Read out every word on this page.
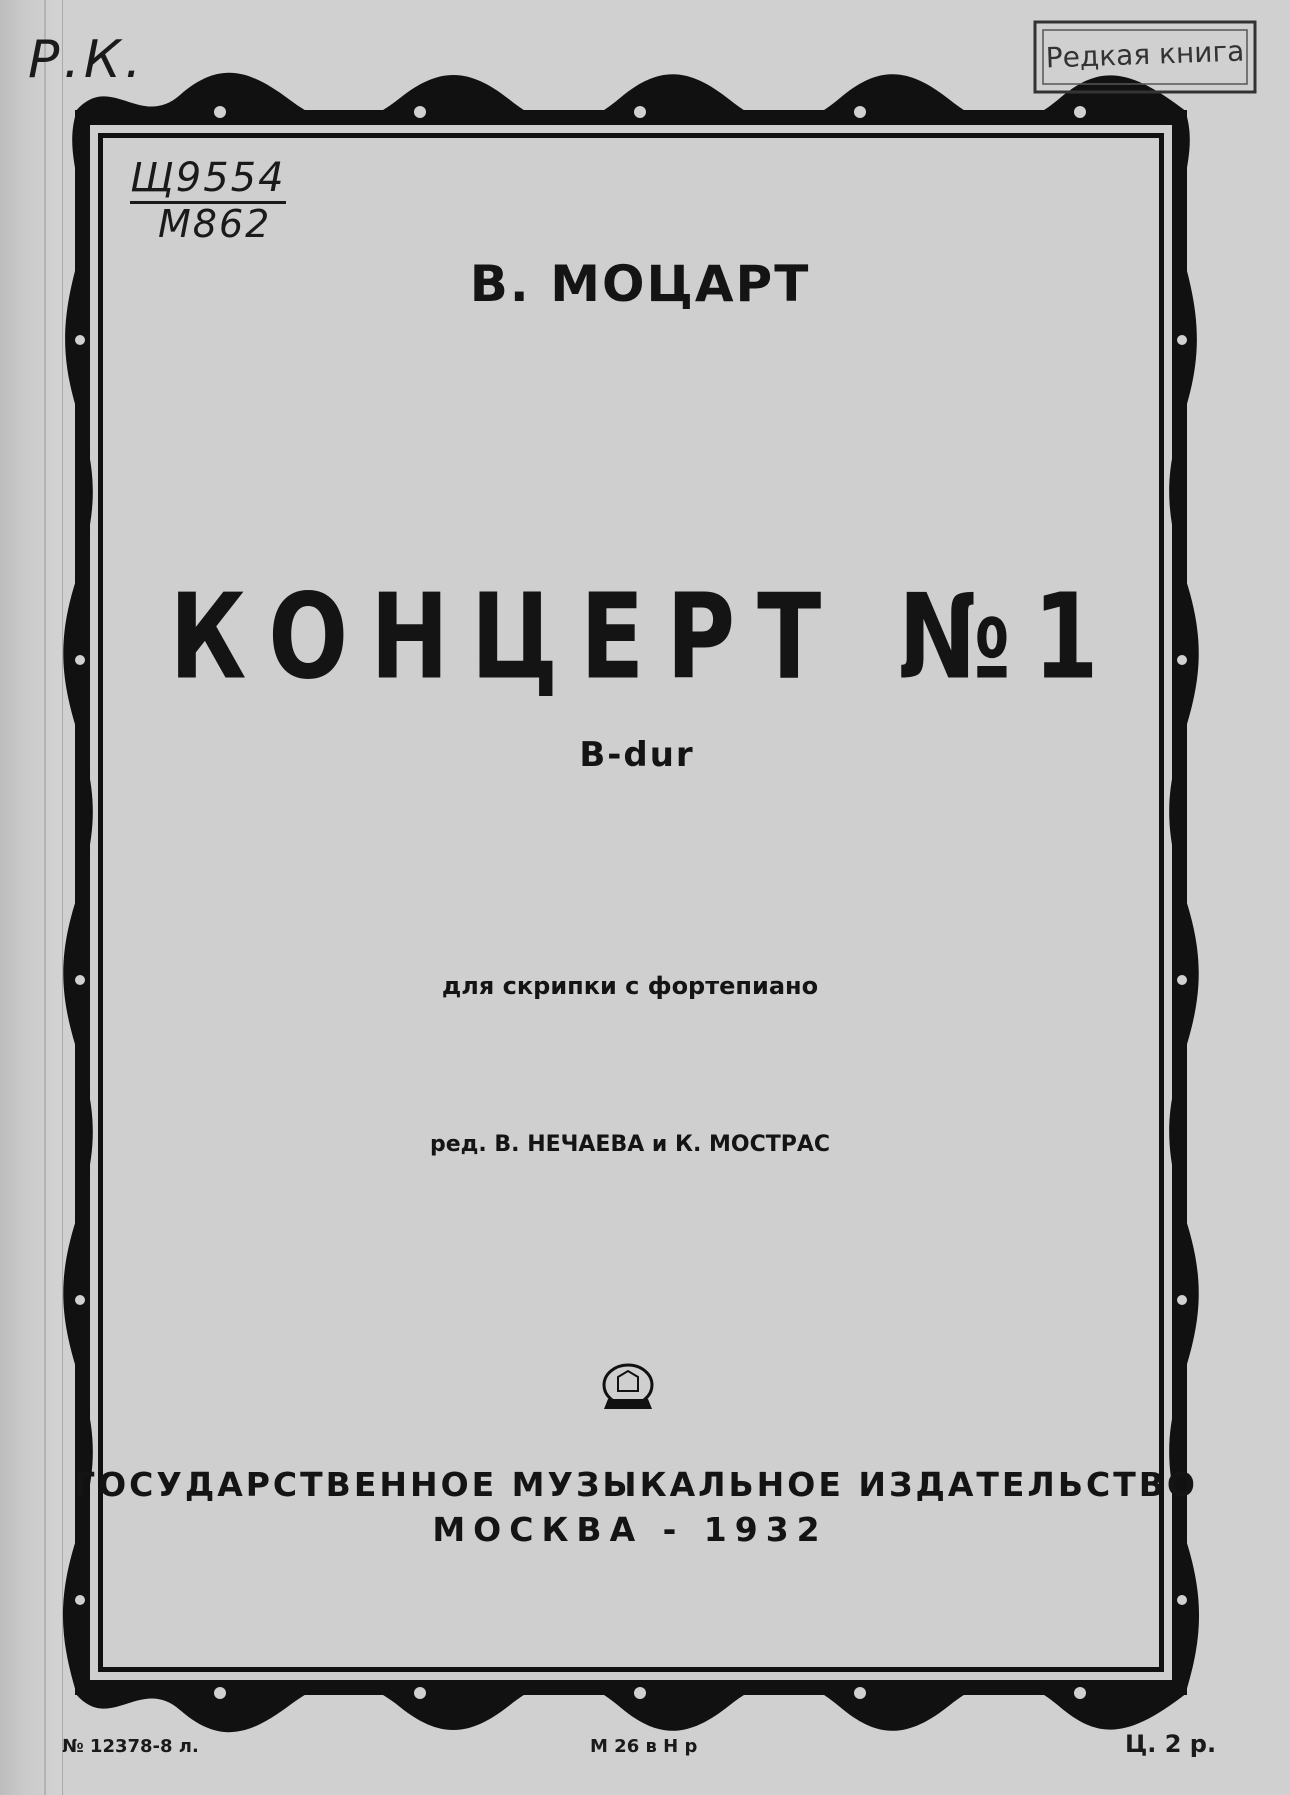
Р.К.
Щ9554
М862
Редкая книга
В. МОЦАРТ
КОНЦЕРТ №1
B-dur
для скрипки с фортепиано
ред. В. НЕЧАЕВА и К. МОСТРАС
ГОСУДАРСТВЕННОЕ МУЗЫКАЛЬНОЕ ИЗДАТЕЛЬСТВО
МОСКВА - 1932
№ 12378-8 л.	М 26 в Н р	Ц. 2 р.
